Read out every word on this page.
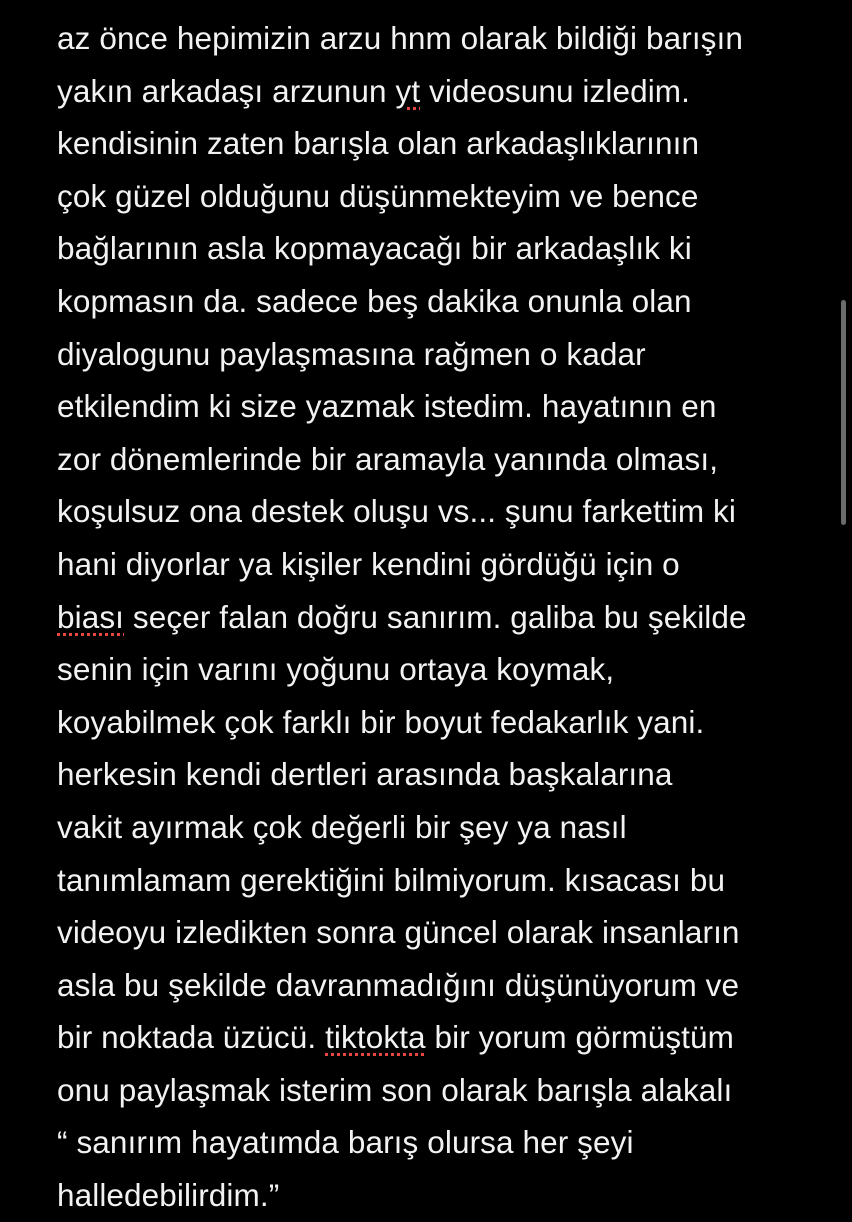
az önce hepimizin arzu hnm olarak bildiği barışın
yakın arkadaşı arzunun yt videosunu izledim.
kendisinin zaten barışla olan arkadaşlıklarının
çok güzel olduğunu düşünmekteyim ve bence
bağlarının asla kopmayacağı bir arkadaşlık ki
kopmasın da. sadece beş dakika onunla olan
diyalogunu paylaşmasına rağmen o kadar
etkilendim ki size yazmak istedim. hayatının en
zor dönemlerinde bir aramayla yanında olması,
koşulsuz ona destek oluşu vs... şunu farkettim ki
hani diyorlar ya kişiler kendini gördüğü için o
biası seçer falan doğru sanırım. galiba bu şekilde
senin için varını yoğunu ortaya koymak,
koyabilmek çok farklı bir boyut fedakarlık yani.
herkesin kendi dertleri arasında başkalarına
vakit ayırmak çok değerli bir şey ya nasıl
tanımlamam gerektiğini bilmiyorum. kısacası bu
videoyu izledikten sonra güncel olarak insanların
asla bu şekilde davranmadığını düşünüyorum ve
bir noktada üzücü. tiktokta bir yorum görmüştüm
onu paylaşmak isterim son olarak barışla alakalı
“ sanırım hayatımda barış olursa her şeyi
halledebilirdim.”
